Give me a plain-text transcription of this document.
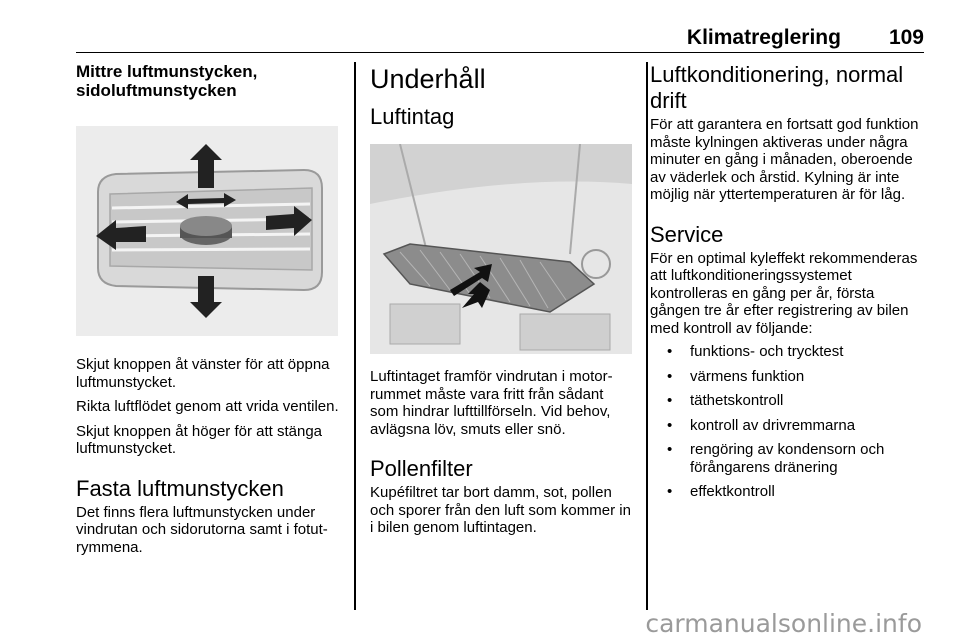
Klimatreglering 109
Mittre luftmunstycken, sidoluftmunstycken

Skjut knoppen åt vänster för att öppna luftmunstycket.

Rikta luftflödet genom att vrida ventilen.

Skjut knoppen åt höger för att stänga luftmunstycket.

Fasta luftmunstycken

Det finns flera luftmunstycken under vindrutan och sidorutorna samt i fotutrymmena.

Underhåll
Luftintag

Luftintaget framför vindrutan i motorrummet måste vara fritt från sådant som hindrar lufttillförseln. Vid behov, avlägsna löv, smuts eller snö.

Pollenfilter

Kupéfiltret tar bort damm, sot, pollen och sporer från den luft som kommer in i bilen genom luftintagen.

Luftkonditionering, normal drift

För att garantera en fortsatt god funktion måste kylningen aktiveras under några minuter en gång i månaden, oberoende av väderlek och årstid. Kylning är inte möjlig när yttertemperaturen är för låg.

Service

För en optimal kyleffekt rekommenderas att luftkonditioneringssystemet kontrolleras en gång per år, första gången tre år efter registrering av bilen med kontroll av följande:

• funktions- och trycktest
• värmens funktion
• täthetskontroll
• kontroll av drivremmarna
• rengöring av kondensorn och förångarens dränering
• effektkontroll
carmanualsonline.info
